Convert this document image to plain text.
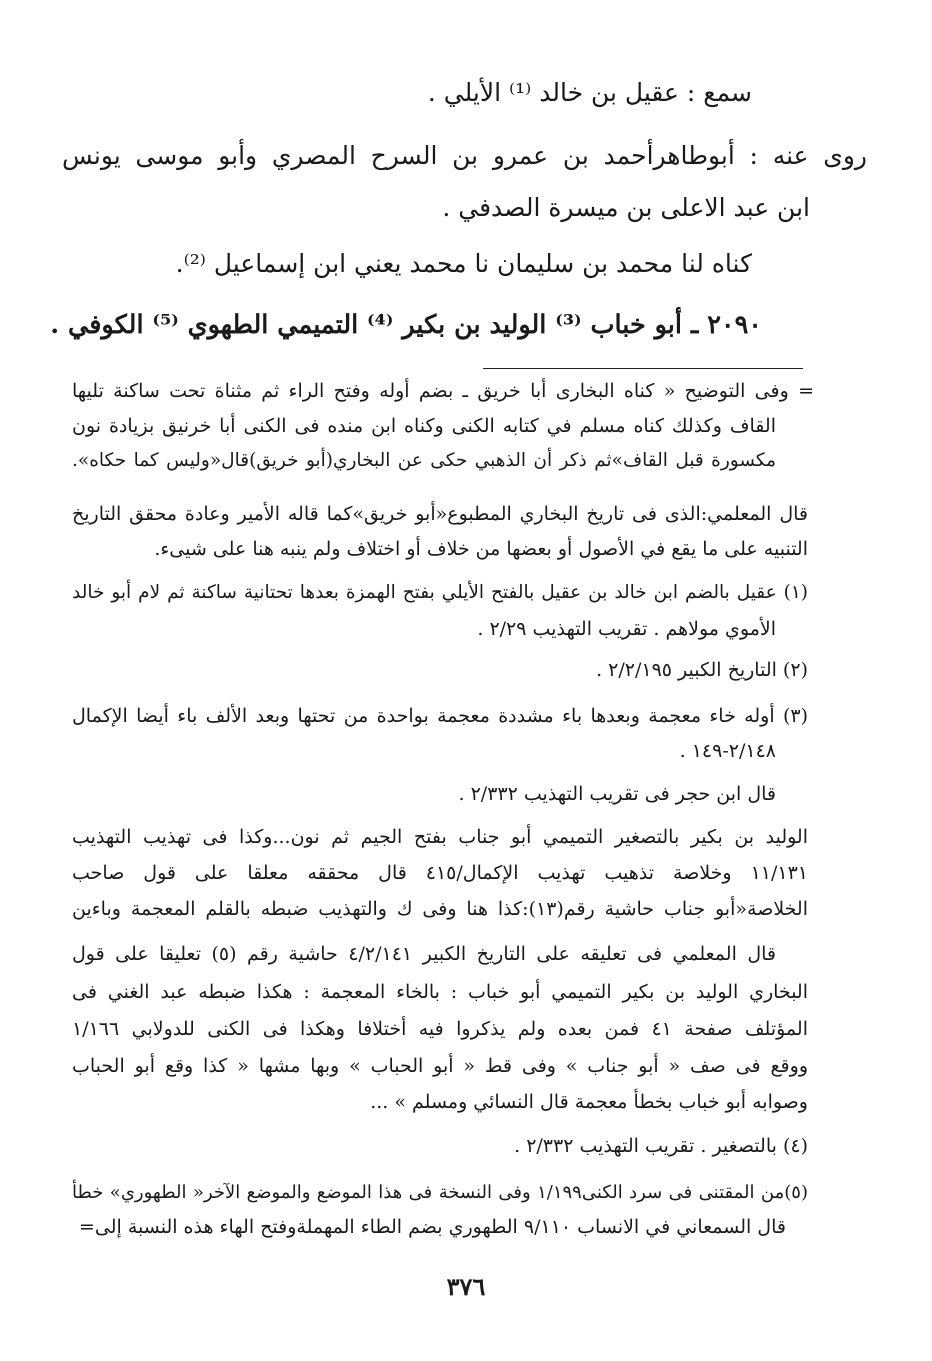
سمع : عقيل بن خالد ⁽¹⁾ الأيلي .
روى عنه : أبوطاهرأحمد بن عمرو بن السرح المصري وأبو موسى يونس
ابن عبد الاعلى بن ميسرة الصدفي .
كناه لنا محمد بن سليمان نا محمد يعني ابن إسماعيل ⁽²⁾.
٢٠٩٠ ـ أبو خباب ⁽³⁾ الوليد بن بكير ⁽⁴⁾ التميمي الطهوي ⁽⁵⁾ الكوفي .
= وفى التوضيح « كناه البخارى أبا خريق ـ بضم أوله وفتح الراء ثم مثناة تحت ساكنة تليها
القاف وكذلك كناه مسلم في كتابه الكنى وكناه ابن منده فى الكنى أبا خرنيق بزيادة نون
مكسورة قبل القاف»ثم ذكر أن الذهبي حكى عن البخاري(أبو خريق)قال«وليس كما حكاه».
قال المعلمي:الذى فى تاريخ البخاري المطبوع«أبو خريق»كما قاله الأمير وعادة محقق التاريخ
التنبيه على ما يقع في الأصول أو بعضها من خلاف أو اختلاف ولم ينبه هنا على شيىء.
(١) عقيل بالضم ابن خالد بن عقيل بالفتح الأيلي بفتح الهمزة بعدها تحتانية ساكنة ثم لام أبو خالد
الأموي مولاهم . تقريب التهذيب ٢/٢٩ .
(٢) التاريخ الكبير ٢/٢/١٩٥ .
(٣) أوله خاء معجمة وبعدها باء مشددة معجمة بواحدة من تحتها وبعد الألف باء أيضا الإكمال
٢/١٤٨-١٤٩ .
قال ابن حجر فى تقريب التهذيب ٢/٣٣٢ .
الوليد بن بكير بالتصغير التميمي أبو جناب بفتح الجيم ثم نون...وكذا فى تهذيب التهذيب
١١/١٣١ وخلاصة تذهيب تهذيب الإكمال/٤١٥ قال محققه معلقا على قول صاحب
الخلاصة«أبو جناب حاشية رقم(١٣):كذا هنا وفى ك والتهذيب ضبطه بالقلم المعجمة وباءين
قال المعلمي فى تعليقه على التاريخ الكبير ٤/٢/١٤١ حاشية رقم (٥) تعليقا على قول
البخاري الوليد بن بكير التميمي أبو خباب : بالخاء المعجمة : هكذا ضبطه عبد الغني فى
المؤتلف صفحة ٤١ فمن بعده ولم يذكروا فيه أختلافا وهكذا فى الكنى للدولابي ١/١٦٦
ووقع فى صف « أبو جناب » وفى قط « أبو الحباب » وبها مشها « كذا وقع أبو الحباب
وصوابه أبو خباب بخطأ معجمة قال النسائي ومسلم » ...
(٤) بالتصغير . تقريب التهذيب ٢/٣٣٢ .
(٥)من المقتنى فى سرد الكنى١/١٩٩ وفى النسخة فى هذا الموضع والموضع الآخر« الطهوري» خطأ
قال السمعاني في الانساب ٩/١١٠ الطهوري بضم الطاء المهملةوفتح الهاء هذه النسبة إلى=
٣٧٦
